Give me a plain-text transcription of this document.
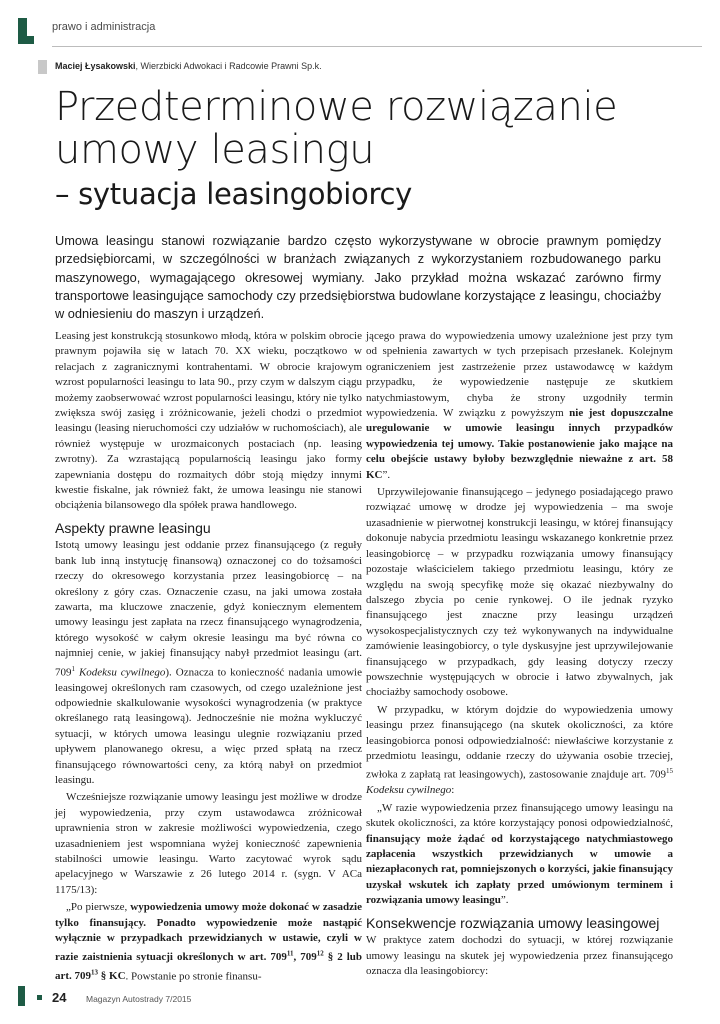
prawo i administracja
Maciej Łysakowski, Wierzbicki Adwokaci i Radcowie Prawni Sp.k.
Przedterminowe rozwiązanie umowy leasingu
– sytuacja leasingobiorcy
Umowa leasingu stanowi rozwiązanie bardzo często wykorzystywane w obrocie prawnym pomiędzy przedsiębiorcami, w szczególności w branżach związanych z wykorzystaniem rozbudowanego parku maszynowego, wymagającego okresowej wymiany. Jako przykład można wskazać zarówno firmy transportowe leasingujące samochody czy przedsiębiorstwa budowlane korzystające z leasingu, chociażby w odniesieniu do maszyn i urządzeń.

Leasing jest konstrukcją stosunkowo młodą, która w polskim obrocie prawnym pojawiła się w latach 70. XX wieku, początkowo w relacjach z zagranicznymi kontrahentami. W obrocie krajowym wzrost popularności leasingu to lata 90., przy czym w dalszym ciągu możemy zaobserwować wzrost popularności leasingu, który nie tylko zwiększa swój zasięg i zróżnicowanie, jeżeli chodzi o przedmiot leasingu (leasing nieruchomości czy udziałów w ruchomościach), ale również występuje w urozmaiconych postaciach (np. leasing zwrotny). Za wzrastającą popularnością leasingu jako formy zapewniania dostępu do rozmaitych dóbr stoją między innymi kwestie fiskalne, jak również fakt, że umowa leasingu nie stanowi obciążenia bilansowego dla spółek prawa handlowego.

Aspekty prawne leasingu

Istotą umowy leasingu jest oddanie przez finansującego (z reguły bank lub inną instytucję finansową) oznaczonej co do tożsamości rzeczy do okresowego korzystania przez leasingobiorcę – na określony z góry czas. Oznaczenie czasu, na jaki umowa została zawarta, ma kluczowe znaczenie, gdyż koniecznym elementem umowy leasingu jest zapłata na rzecz finansującego wynagrodzenia, którego wysokość w całym okresie leasingu ma być równa co najmniej cenie, w jakiej finansujący nabył przedmiot leasingu (art. $709^1$ Kodeksu cywilnego). Oznacza to konieczność nadania umowie leasingowej określonych ram czasowych, od czego uzależnione jest odpowiednie skalkulowanie wysokości wynagrodzenia (w praktyce określanego ratą leasingową). Jednocześnie nie można wykluczyć sytuacji, w których umowa leasingu ulegnie rozwiązaniu przed upływem planowanego okresu, a więc przed spłatą na rzecz finansującego równowartości ceny, za którą nabył on przedmiot leasingu.

Wcześniejsze rozwiązanie umowy leasingu jest możliwe w drodze jej wypowiedzenia, przy czym ustawodawca zróżnicował uprawnienia stron w zakresie możliwości wypowiedzenia, czego uzasadnieniem jest wspomniana wyżej konieczność zapewnienia stabilności umowie leasingu. Warto zacytować wyrok sądu apelacyjnego w Warszawie z 26 lutego 2014 r. (sygn. V ACa 1175/13):

„Po pierwsze, wypowiedzenia umowy może dokonać w zasadzie tylko finansujący. Ponadto wypowiedzenie może nastąpić wyłącznie w przypadkach przewidzianych w ustawie, czyli w razie zaistnienia sytuacji określonych w art. $709^{11}$, $709^{12}$ § 2 lub art. $709^{13}$ § KC. Powstanie po stronie finansu-

jącego prawa do wypowiedzenia umowy uzależnione jest przy tym od spełnienia zawartych w tych przepisach przesłanek. Kolejnym ograniczeniem jest zastrzeżenie przez ustawodawcę w każdym przypadku, że wypowiedzenie następuje ze skutkiem natychmiastowym, chyba że strony uzgodniły termin wypowiedzenia. W związku z powyższym nie jest dopuszczalne uregulowanie w umowie leasingu innych przypadków wypowiedzenia tej umowy. Takie postanowienie jako mające na celu obejście ustawy byłoby bezwzględnie nieważne z art. 58 KC”.

Uprzywilejowanie finansującego – jedynego posiadającego prawo rozwiązać umowę w drodze jej wypowiedzenia – ma swoje uzasadnienie w pierwotnej konstrukcji leasingu, w której finansujący dokonuje nabycia przedmiotu leasingu wskazanego konkretnie przez leasingobiorcę – w przypadku rozwiązania umowy finansujący pozostaje właścicielem takiego przedmiotu leasingu, który ze względu na swoją specyfikę może się okazać niezbywalny do dalszego zbycia po cenie rynkowej. O ile jednak ryzyko finansującego jest znaczne przy leasingu urządzeń wysokospecjalistycznych czy też wykonywanych na indywidualne zamówienie leasingobiorcy, o tyle dyskusyjne jest uprzywilejowanie finansującego w przypadkach, gdy leasing dotyczy rzeczy powszechnie występujących w obrocie i łatwo zbywalnych, jak chociażby samochody osobowe.

W przypadku, w którym dojdzie do wypowiedzenia umowy leasingu przez finansującego (na skutek okoliczności, za które leasingobiorca ponosi odpowiedzialność: niewłaściwe korzystanie z przedmiotu leasingu, oddanie rzeczy do używania osobie trzeciej, zwłoka z zapłatą rat leasingowych), zastosowanie znajduje art. $709^{15}$ Kodeksu cywilnego:

„W razie wypowiedzenia przez finansującego umowy leasingu na skutek okoliczności, za które korzystający ponosi odpowiedzialność, finansujący może żądać od korzystającego natychmiastowego zapłacenia wszystkich przewidzianych w umowie a niezapłaconych rat, pomniejszonych o korzyści, jakie finansujący uzyskał wskutek ich zapłaty przed umówionym terminem i rozwiązania umowy leasingu”.

Konsekwencje rozwiązania umowy leasingowej

W praktyce zatem dochodzi do sytuacji, w której rozwiązanie umowy leasingu na skutek jej wypowiedzenia przez finansującego oznacza dla leasingobiorcy:

24 Magazyn Autostrady 7/2015
